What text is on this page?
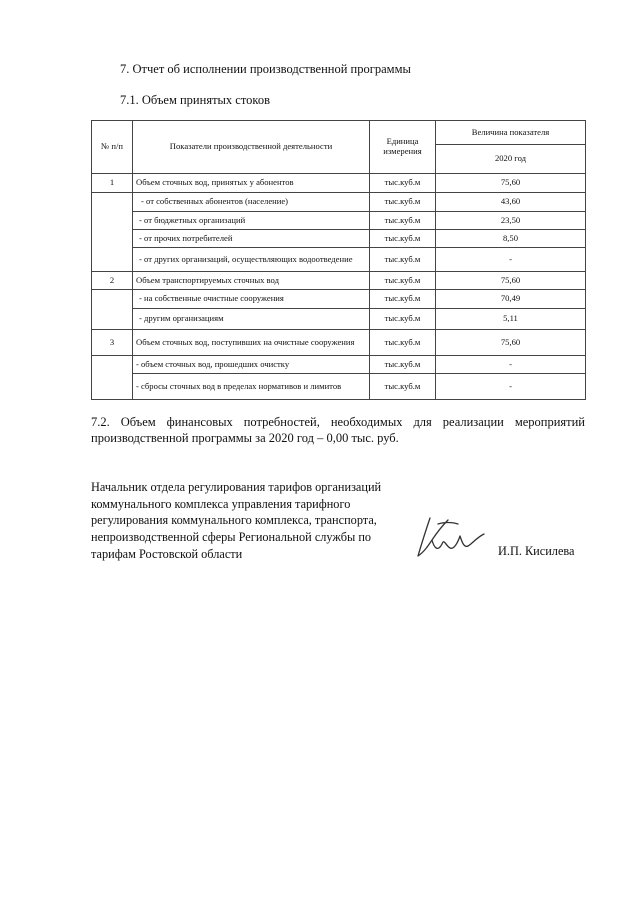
7. Отчет об исполнении производственной программы
7.1. Объем принятых стоков
№ п/п	Показатели производственной деятельности	Единица измерения	Величина показателя
			2020 год
1	Объем сточных вод, принятых у абонентов	тыс.куб.м	75,60
	- от собственных абонентов (население)	тыс.куб.м	43,60
	- от бюджетных организаций	тыс.куб.м	23,50
	- от прочих потребителей	тыс.куб.м	8,50
	- от других организаций, осуществляющих водоотведение	тыс.куб.м	-
2	Объем транспортируемых сточных вод	тыс.куб.м	75,60
	- на собственные очистные сооружения	тыс.куб.м	70,49
	- другим организациям	тыс.куб.м	5,11
3	Объем сточных вод, поступивших на очистные сооружения	тыс.куб.м	75,60
	- объем сточных вод, прошедших очистку	тыс.куб.м	-
	- сбросы сточных вод в пределах нормативов и лимитов	тыс.куб.м	-

7.2. Объем финансовых потребностей, необходимых для реализации мероприятий производственной программы за 2020 год – 0,00 тыс. руб.

Начальник отдела регулирования тарифов организаций коммунального комплекса управления тарифного регулирования коммунального комплекса, транспорта, непроизводственной сферы Региональной службы по тарифам Ростовской области	И.П. Кисилева
